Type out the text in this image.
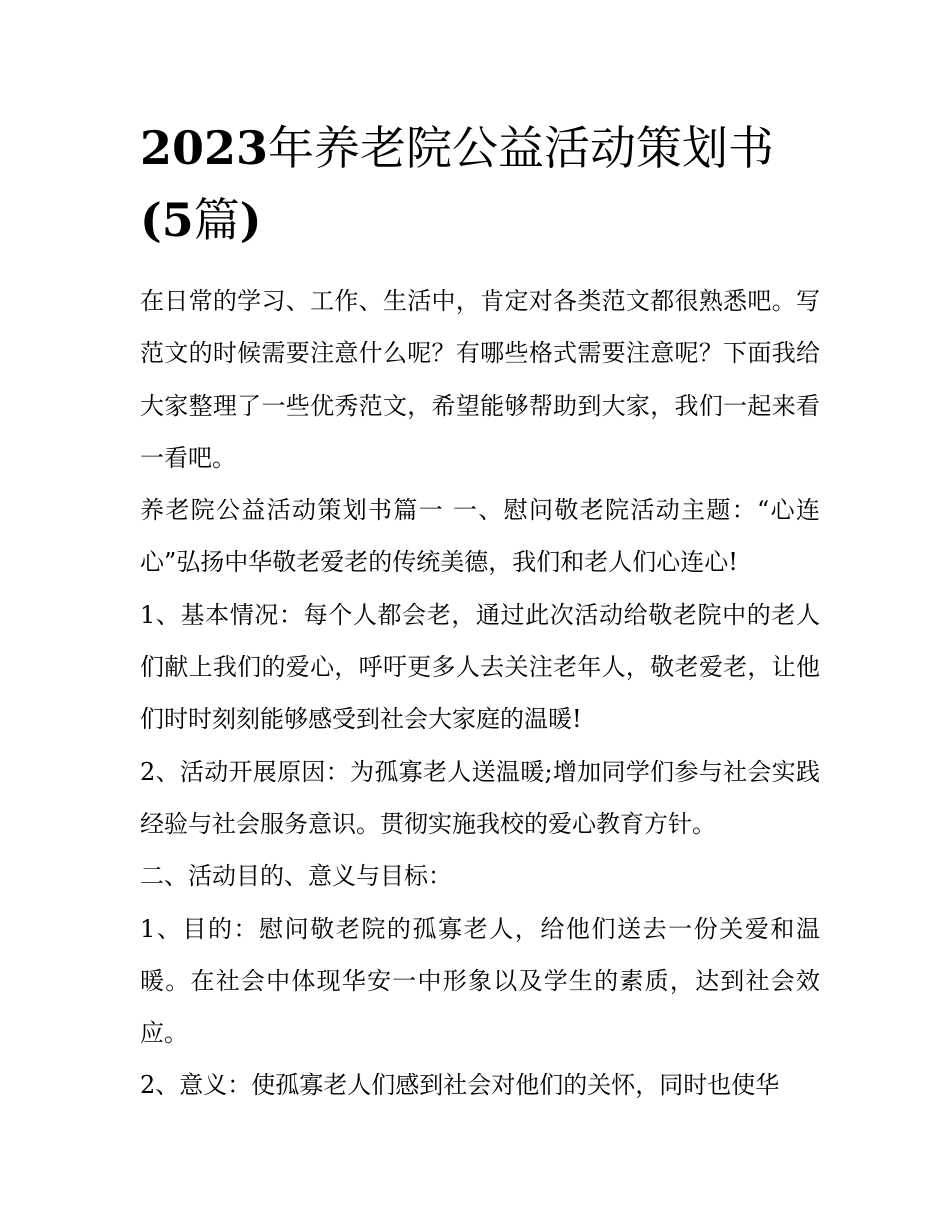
2023年养老院公益活动策划书
(5篇)

在日常的学习、工作、生活中，肯定对各类范文都很熟悉吧。写范文的时候需要注意什么呢？有哪些格式需要注意呢？下面我给大家整理了一些优秀范文，希望能够帮助到大家，我们一起来看一看吧。

养老院公益活动策划书篇一 一、慰问敬老院活动主题：“心连心”弘扬中华敬老爱老的传统美德，我们和老人们心连心!

1、基本情况：每个人都会老，通过此次活动给敬老院中的老人们献上我们的爱心，呼吁更多人去关注老年人，敬老爱老，让他们时时刻刻能够感受到社会大家庭的温暖!

2、活动开展原因：为孤寡老人送温暖;增加同学们参与社会实践经验与社会服务意识。贯彻实施我校的爱心教育方针。

二、活动目的、意义与目标：

1、目的：慰问敬老院的孤寡老人，给他们送去一份关爱和温暖。在社会中体现华安一中形象以及学生的素质，达到社会效应。

2、意义：使孤寡老人们感到社会对他们的关怀，同时也使华
